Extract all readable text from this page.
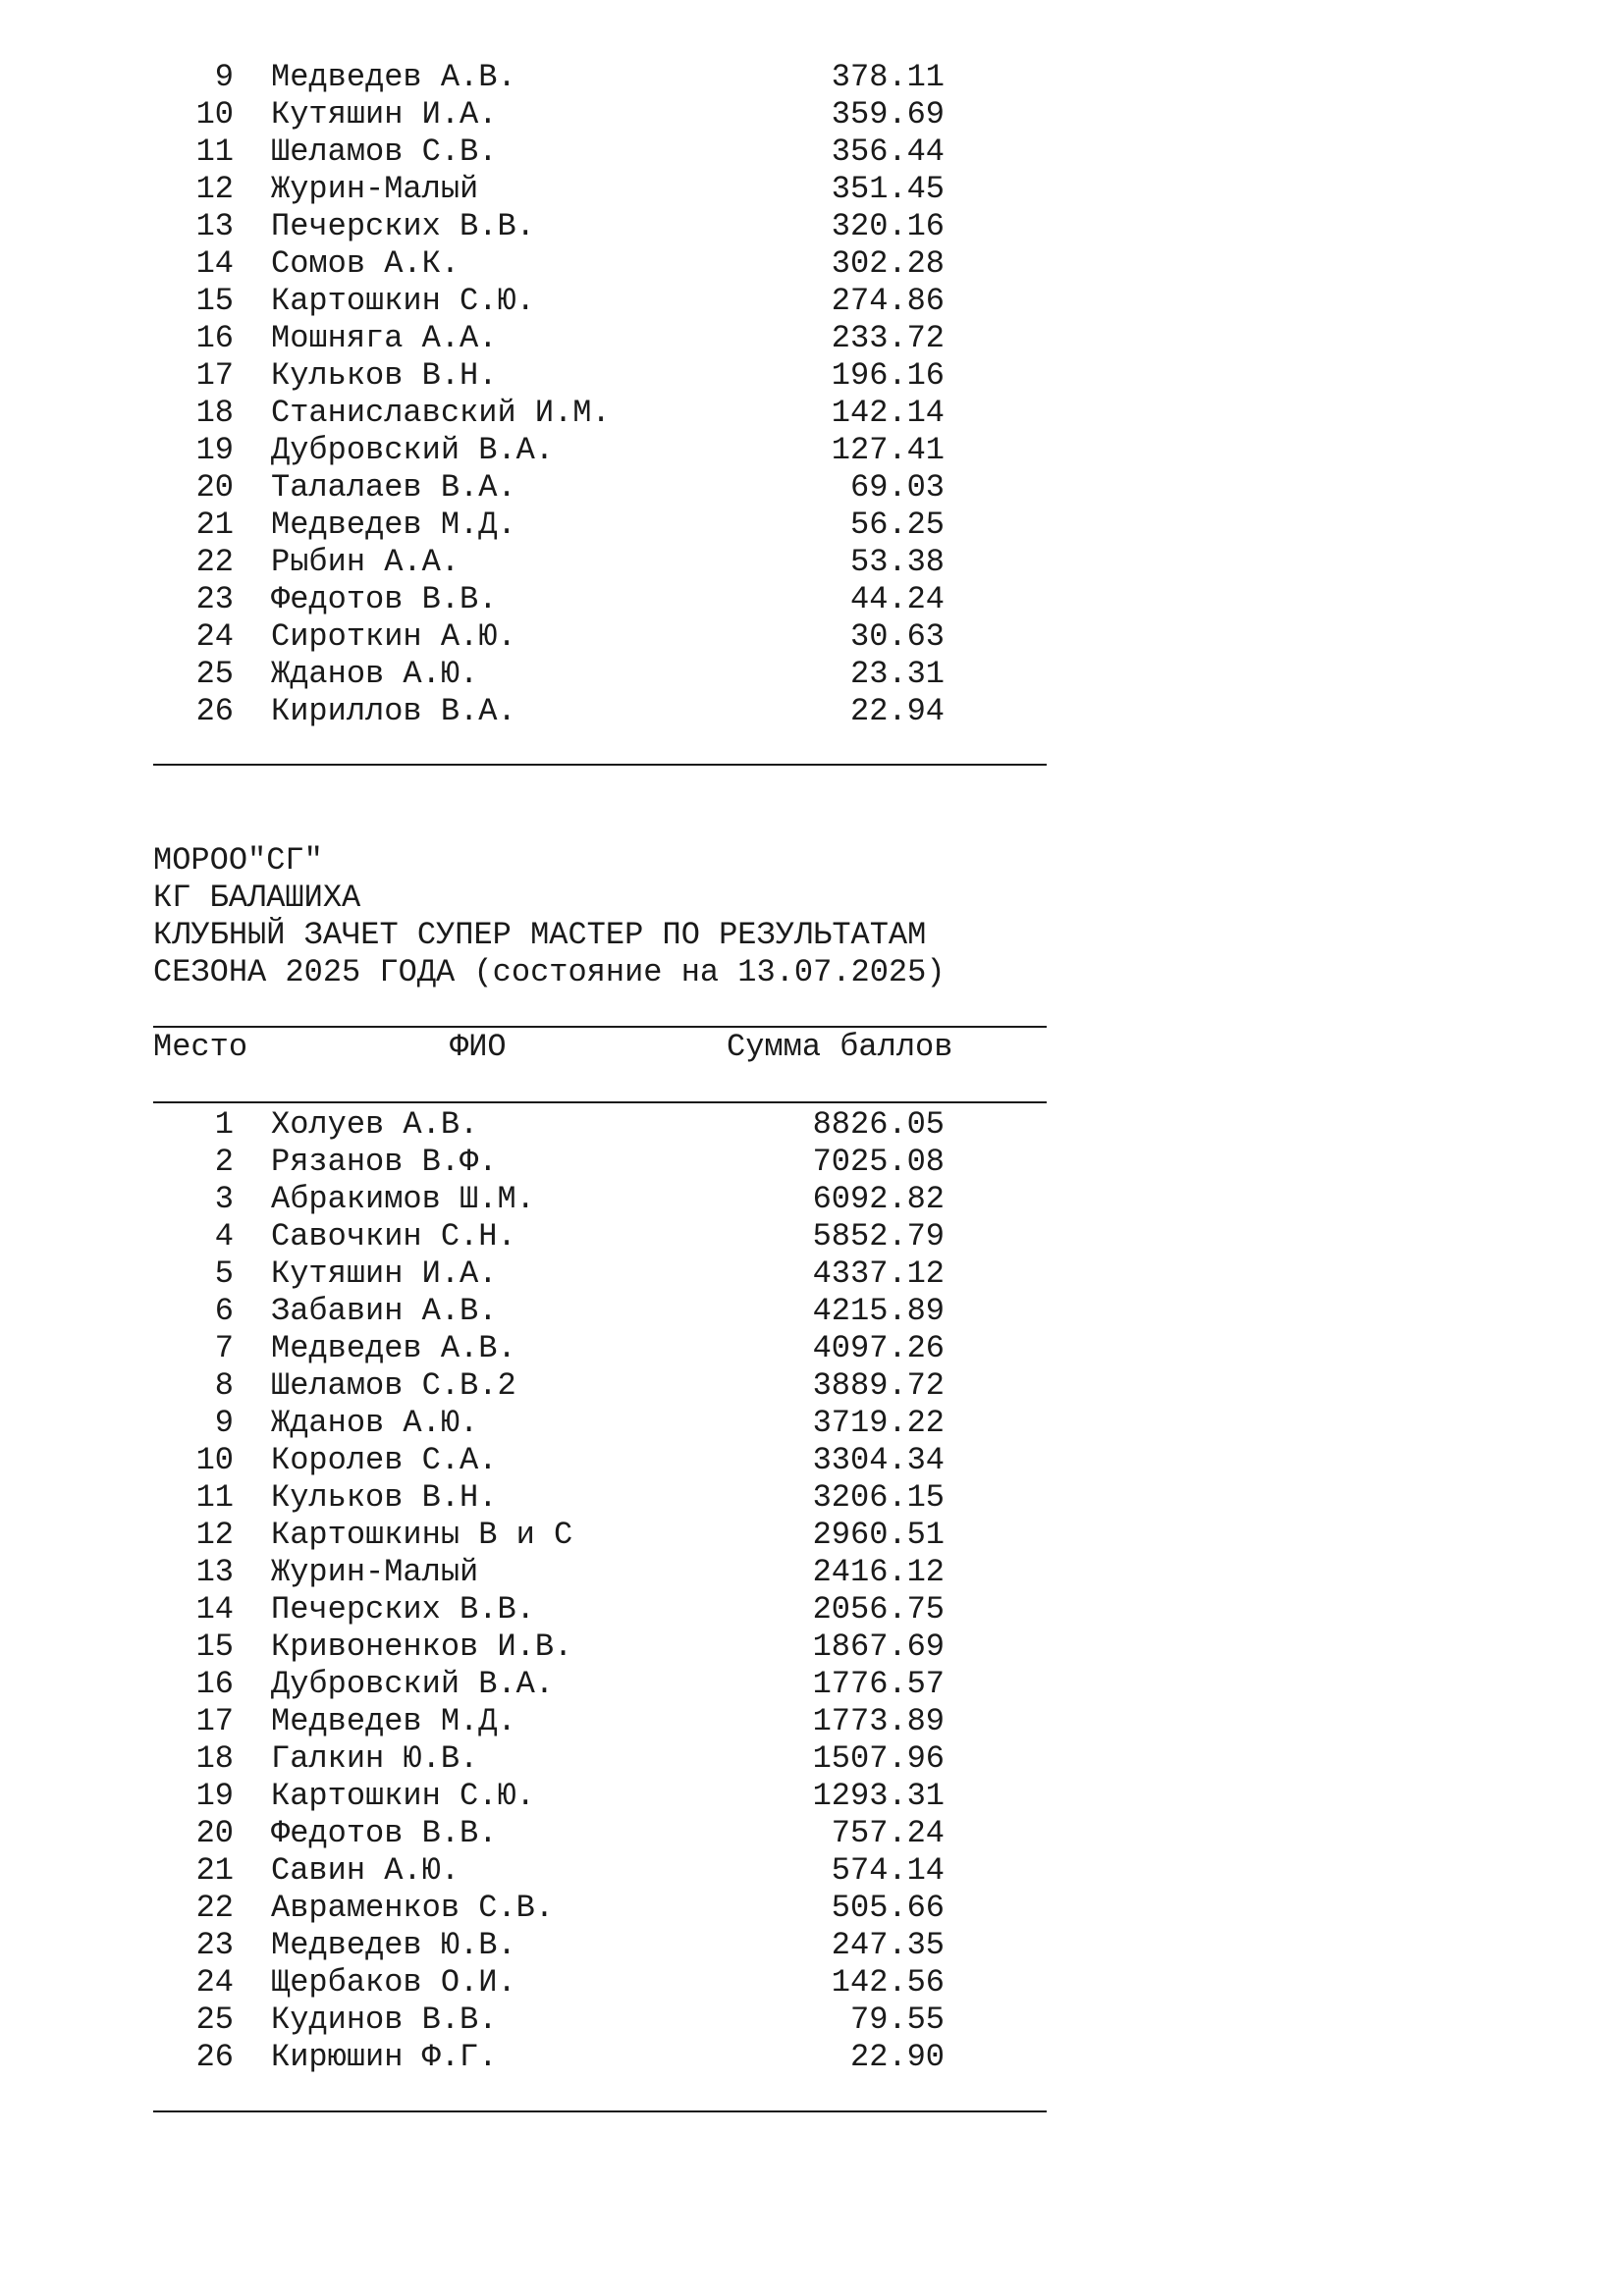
9 Медведев А.В.	378.11
10 Кутяшин И.А.	359.69
11 Шеламов С.В.	356.44
12 Журин-Малый	351.45
13 Печерских В.В.	320.16
14 Сомов А.К.	302.28
15 Картошкин С.Ю.	274.86
16 Мошняга А.А.	233.72
17 Кульков В.Н.	196.16
18 Станиславский И.М.	142.14
19 Дубровский В.А.	127.41
20 Талалаев В.А.	69.03
21 Медведев М.Д.	56.25
22 Рыбин А.А.	53.38
23 Федотов В.В.	44.24
24 Сироткин А.Ю.	30.63
25 Жданов А.Ю.	23.31
26 Кириллов В.А.	22.94
МОРОО"СГ"
КГ БАЛАШИХА
КЛУБНЫЙ ЗАЧЕТ СУПЕР МАСТЕР ПО РЕЗУЛЬТАТАМ
СЕЗОНА 2025 ГОДА (состояние на 13.07.2025)
Место	ФИО	Сумма баллов
1 Холуев А.В.	8826.05
2 Рязанов В.Ф.	7025.08
3 Абракимов Ш.М.	6092.82
4 Савочкин С.Н.	5852.79
5 Кутяшин И.А.	4337.12
6 Забавин А.В.	4215.89
7 Медведев А.В.	4097.26
8 Шеламов С.В.2	3889.72
9 Жданов А.Ю.	3719.22
10 Королев С.А.	3304.34
11 Кульков В.Н.	3206.15
12 Картошкины В и С	2960.51
13 Журин-Малый	2416.12
14 Печерских В.В.	2056.75
15 Кривоненков И.В.	1867.69
16 Дубровский В.А.	1776.57
17 Медведев М.Д.	1773.89
18 Галкин Ю.В.	1507.96
19 Картошкин С.Ю.	1293.31
20 Федотов В.В.	757.24
21 Савин А.Ю.	574.14
22 Авраменков С.В.	505.66
23 Медведев Ю.В.	247.35
24 Щербаков О.И.	142.56
25 Кудинов В.В.	79.55
26 Кирюшин Ф.Г.	22.90
